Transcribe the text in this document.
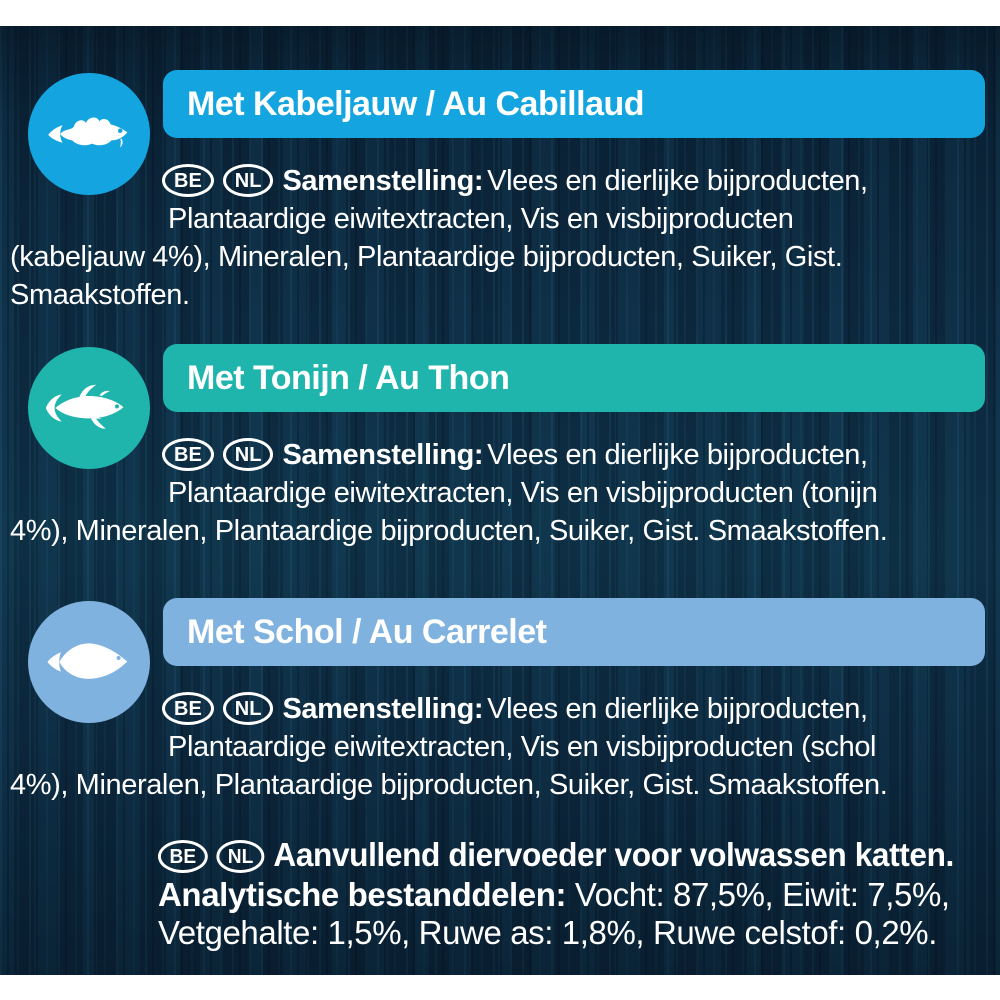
Met Kabeljauw / Au Cabillaud
BE NL Samenstelling: Vlees en dierlijke bijproducten,
Plantaardige eiwitextracten, Vis en visbijproducten
(kabeljauw 4%), Mineralen, Plantaardige bijproducten, Suiker, Gist.
Smaakstoffen.
Met Tonijn / Au Thon
BE NL Samenstelling: Vlees en dierlijke bijproducten,
Plantaardige eiwitextracten, Vis en visbijproducten (tonijn
4%), Mineralen, Plantaardige bijproducten, Suiker, Gist. Smaakstoffen.
Met Schol / Au Carrelet
BE NL Samenstelling: Vlees en dierlijke bijproducten,
Plantaardige eiwitextracten, Vis en visbijproducten (schol
4%), Mineralen, Plantaardige bijproducten, Suiker, Gist. Smaakstoffen.
BE NL Aanvullend diervoeder voor volwassen katten.
Analytische bestanddelen: Vocht: 87,5%, Eiwit: 7,5%,
Vetgehalte: 1,5%, Ruwe as: 1,8%, Ruwe celstof: 0,2%.
